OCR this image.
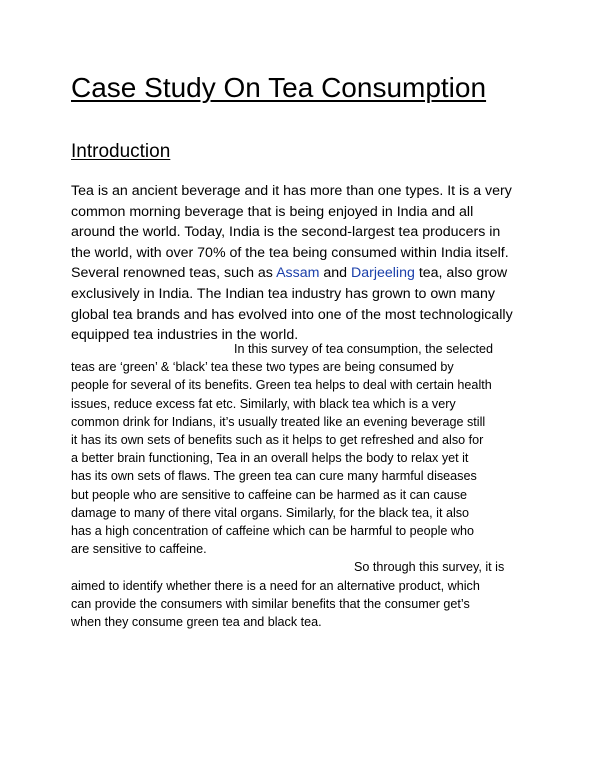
Case Study On Tea Consumption
Introduction

Tea is an ancient beverage and it has more than one types. It is a very
common morning beverage that is being enjoyed in India and all
around the world. Today, India is the second-largest tea producers in
the world, with over 70% of the tea being consumed within India itself.
Several renowned teas, such as Assam and Darjeeling tea, also grow
exclusively in India. The Indian tea industry has grown to own many
global tea brands and has evolved into one of the most technologically
equipped tea industries in the world.

In this survey of tea consumption, the selected
teas are ‘green’ & ‘black’ tea these two types are being consumed by
people for several of its benefits. Green tea helps to deal with certain health
issues, reduce excess fat etc. Similarly, with black tea which is a very
common drink for Indians, it’s usually treated like an evening beverage still
it has its own sets of benefits such as it helps to get refreshed and also for
a better brain functioning, Tea in an overall helps the body to relax yet it
has its own sets of flaws. The green tea can cure many harmful diseases
but people who are sensitive to caffeine can be harmed as it can cause
damage to many of there vital organs. Similarly, for the black tea, it also
has a high concentration of caffeine which can be harmful to people who
are sensitive to caffeine.
So through this survey, it is
aimed to identify whether there is a need for an alternative product, which
can provide the consumers with similar benefits that the consumer get’s
when they consume green tea and black tea.
